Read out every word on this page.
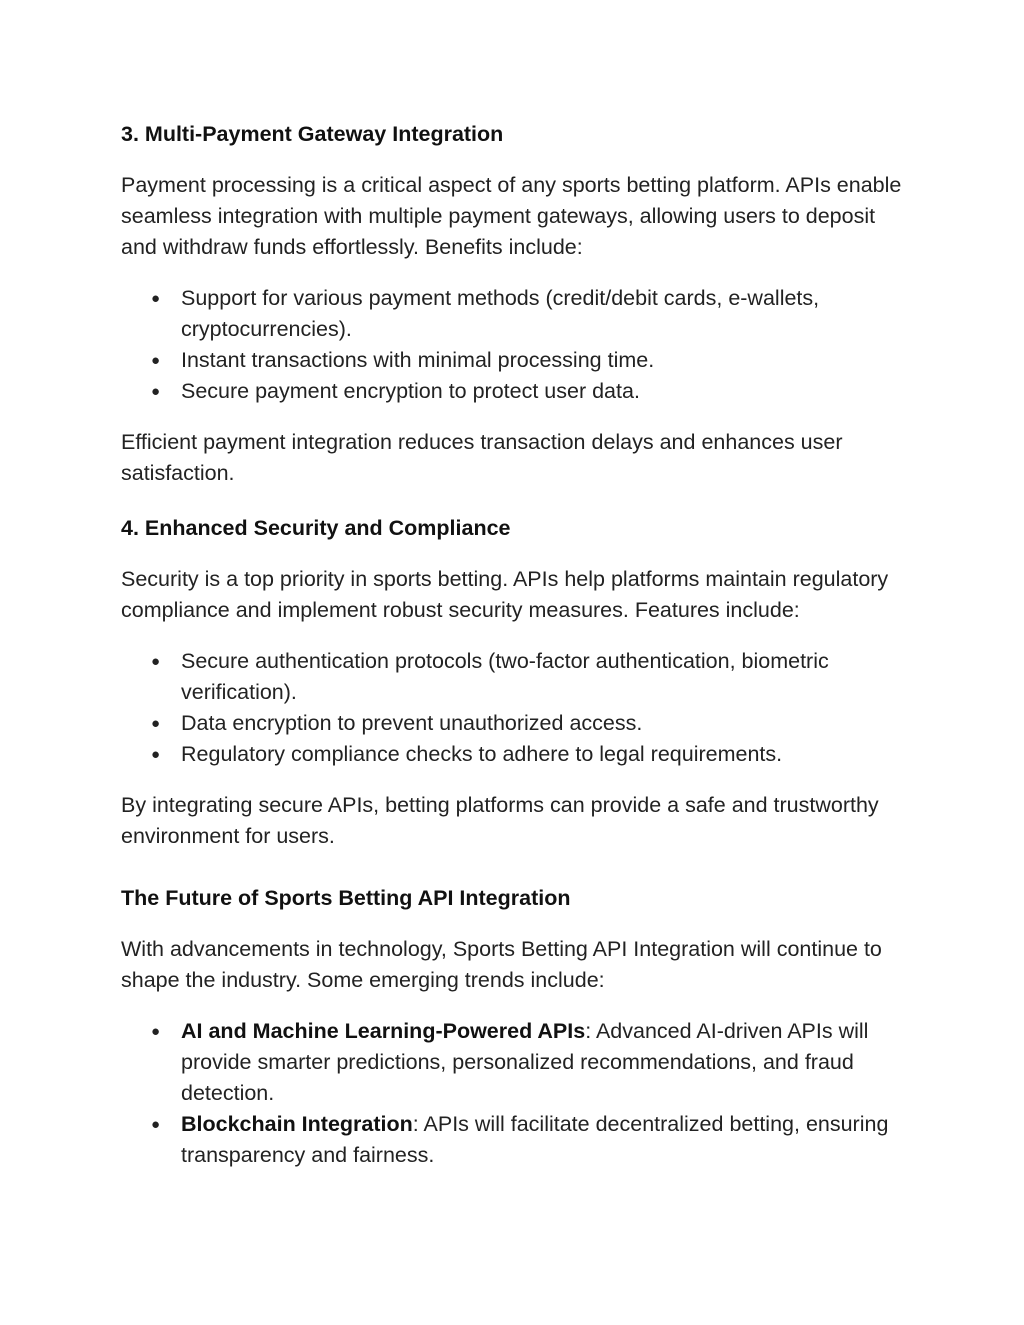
3. Multi-Payment Gateway Integration

Payment processing is a critical aspect of any sports betting platform. APIs enable seamless integration with multiple payment gateways, allowing users to deposit and withdraw funds effortlessly. Benefits include:

● Support for various payment methods (credit/debit cards, e-wallets, cryptocurrencies).
● Instant transactions with minimal processing time.
● Secure payment encryption to protect user data.

Efficient payment integration reduces transaction delays and enhances user satisfaction.

4. Enhanced Security and Compliance

Security is a top priority in sports betting. APIs help platforms maintain regulatory compliance and implement robust security measures. Features include:

● Secure authentication protocols (two-factor authentication, biometric verification).
● Data encryption to prevent unauthorized access.
● Regulatory compliance checks to adhere to legal requirements.

By integrating secure APIs, betting platforms can provide a safe and trustworthy environment for users.

The Future of Sports Betting API Integration

With advancements in technology, Sports Betting API Integration will continue to shape the industry. Some emerging trends include:

● AI and Machine Learning-Powered APIs: Advanced AI-driven APIs will provide smarter predictions, personalized recommendations, and fraud detection.
● Blockchain Integration: APIs will facilitate decentralized betting, ensuring transparency and fairness.
